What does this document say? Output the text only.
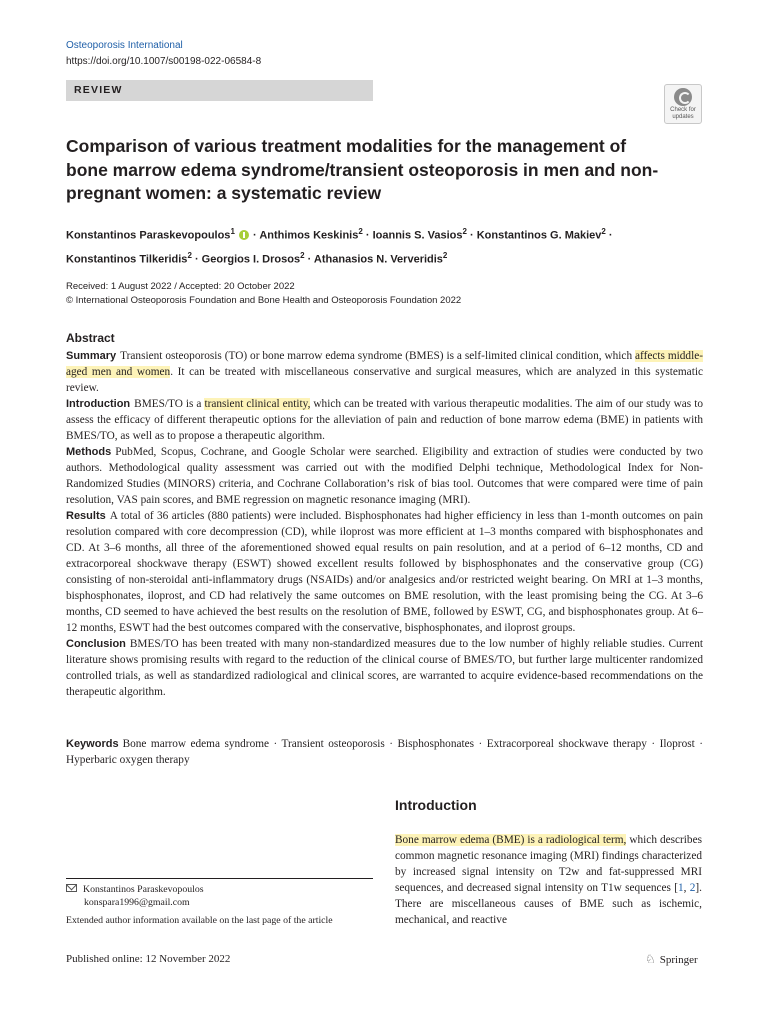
Osteoporosis International
https://doi.org/10.1007/s00198-022-06584-8
REVIEW
Check for
updates
Comparison of various treatment modalities for the management of bone marrow edema syndrome/transient osteoporosis in men and non-pregnant women: a systematic review
Konstantinos Paraskevopoulos$^1$  · Anthimos Keskinis$^2$ · Ioannis S. Vasios$^2$ · Konstantinos G. Makiev$^2$ ·
Konstantinos Tilkeridis$^2$ · Georgios I. Drosos$^2$ · Athanasios N. Ververidis$^2$
Received: 1 August 2022 / Accepted: 20 October 2022
© International Osteoporosis Foundation and Bone Health and Osteoporosis Foundation 2022
Abstract

Summary Transient osteoporosis (TO) or bone marrow edema syndrome (BMES) is a self-limited clinical condition, which affects middle-aged men and women. It can be treated with miscellaneous conservative and surgical measures, which are analyzed in this systematic review.

Introduction BMES/TO is a transient clinical entity, which can be treated with various therapeutic modalities. The aim of our study was to assess the efficacy of different therapeutic options for the alleviation of pain and reduction of bone marrow edema (BME) in patients with BMES/TO, as well as to propose a therapeutic algorithm.

Methods PubMed, Scopus, Cochrane, and Google Scholar were searched. Eligibility and extraction of studies were conducted by two authors. Methodological quality assessment was carried out with the modified Delphi technique, Methodological Index for Non-Randomized Studies (MINORS) criteria, and Cochrane Collaboration’s risk of bias tool. Outcomes that were compared were time of pain resolution, VAS pain scores, and BME regression on magnetic resonance imaging (MRI).

Results A total of 36 articles (880 patients) were included. Bisphosphonates had higher efficiency in less than 1-month outcomes on pain resolution compared with core decompression (CD), while iloprost was more efficient at 1–3 months compared with bisphosphonates and CD. At 3–6 months, all three of the aforementioned showed equal results on pain resolution, and at a period of 6–12 months, CD and extracorporeal shockwave therapy (ESWT) showed excellent results followed by bisphosphonates and the conservative group (CG) consisting of non-steroidal anti-inflammatory drugs (NSAIDs) and/or analgesics and/or restricted weight bearing. On MRI at 1–3 months, bisphosphonates, iloprost, and CD had relatively the same outcomes on BME resolution, with the least promising being the CG. At 3–6 months, CD seemed to have achieved the best results on the resolution of BME, followed by ESWT, CG, and bisphosphonates group. At 6–12 months, ESWT had the best outcomes compared with the conservative, bisphosphonates, and iloprost groups.

Conclusion BMES/TO has been treated with many non-standardized measures due to the low number of highly reliable studies. Current literature shows promising results with regard to the reduction of the clinical course of BMES/TO, but further large multicenter randomized controlled trials, as well as standardized radiological and clinical scores, are warranted to acquire evidence-based recommendations on the therapeutic algorithm.

Keywords Bone marrow edema syndrome · Transient osteoporosis · Bisphosphonates · Extracorporeal shockwave therapy · Iloprost · Hyperbaric oxygen therapy

Introduction

Bone marrow edema (BME) is a radiological term, which describes common magnetic resonance imaging (MRI) findings characterized by increased signal intensity on T2w and fat-suppressed MRI sequences, and decreased signal intensity on T1w sequences [1, 2]. There are miscellaneous causes of BME such as ischemic, mechanical, and reactive

Konstantinos Paraskevopoulos
konspara1996@gmail.com
Extended author information available on the last page of the article
Published online: 12 November 2022	♘ Springer
